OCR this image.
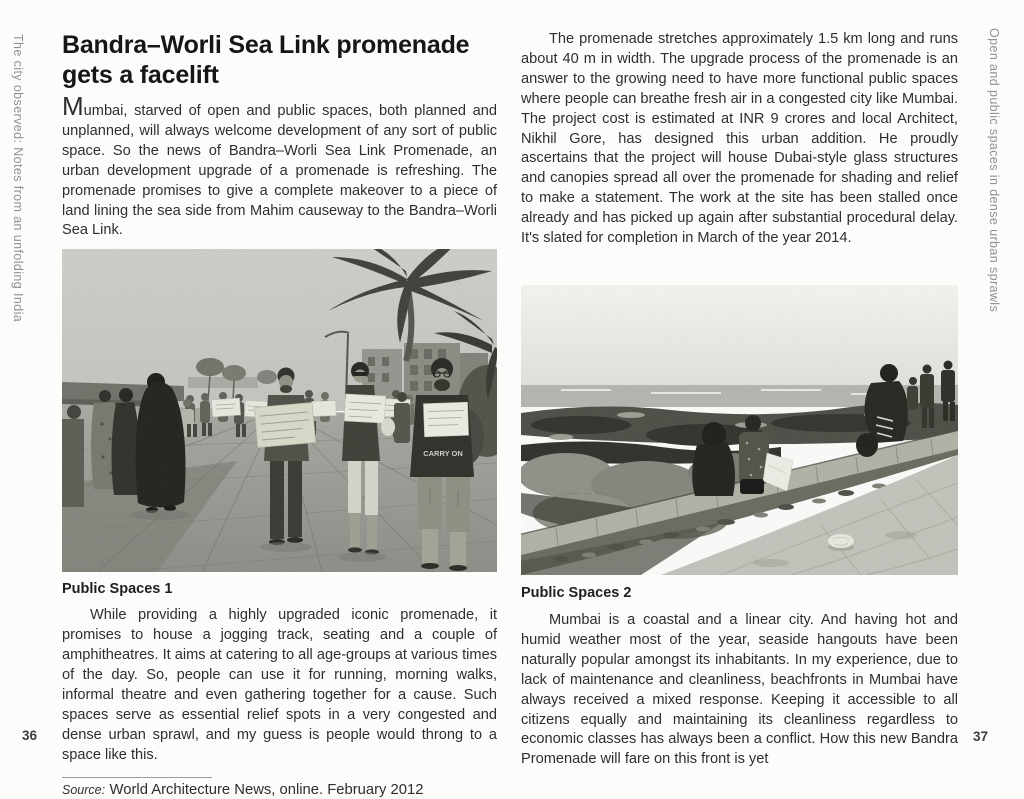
The city observed: Notes from an unfolding India	Open and public spaces in dense urban sprawls
36	37
Bandra–Worli Sea Link promenade
gets a facelift

Mumbai, starved of open and public spaces, both planned and unplanned, will always welcome development of any sort of public space. So the news of Bandra–Worli Sea Link Promenade, an urban development upgrade of a promenade is refreshing. The promenade promises to give a complete makeover to a piece of land lining the sea side from Mahim causeway to the Bandra–Worli Sea Link.

CARRY ON
Public Spaces 1

While providing a highly upgraded iconic promenade, it promises to house a jogging track, seating and a couple of amphitheatres. It aims at catering to all age-groups at various times of the day. So, people can use it for running, morning walks, informal theatre and even gathering together for a cause. Such spaces serve as essential relief spots in a very congested and dense urban sprawl, and my guess is people would throng to a space like this.

Source: World Architecture News, online. February 2012

The promenade stretches approximately 1.5 km long and runs about 40 m in width. The upgrade process of the promenade is an answer to the growing need to have more functional public spaces where people can breathe fresh air in a congested city like Mumbai. The project cost is estimated at INR 9 crores and local Architect, Nikhil Gore, has designed this urban addition. He proudly ascertains that the project will house Dubai-style glass structures and canopies spread all over the promenade for shading and relief to make a statement. The work at the site has been stalled once already and has picked up again after substantial procedural delay. It's slated for completion in March of the year 2014.

Public Spaces 2

Mumbai is a coastal and a linear city. And having hot and humid weather most of the year, seaside hangouts have been naturally popular amongst its inhabitants. In my experience, due to lack of maintenance and cleanliness, beachfronts in Mumbai have always received a mixed response. Keeping it accessible to all citizens equally and maintaining its cleanliness regardless to economic classes has always been a conflict. How this new Bandra Promenade will fare on this front is yet
